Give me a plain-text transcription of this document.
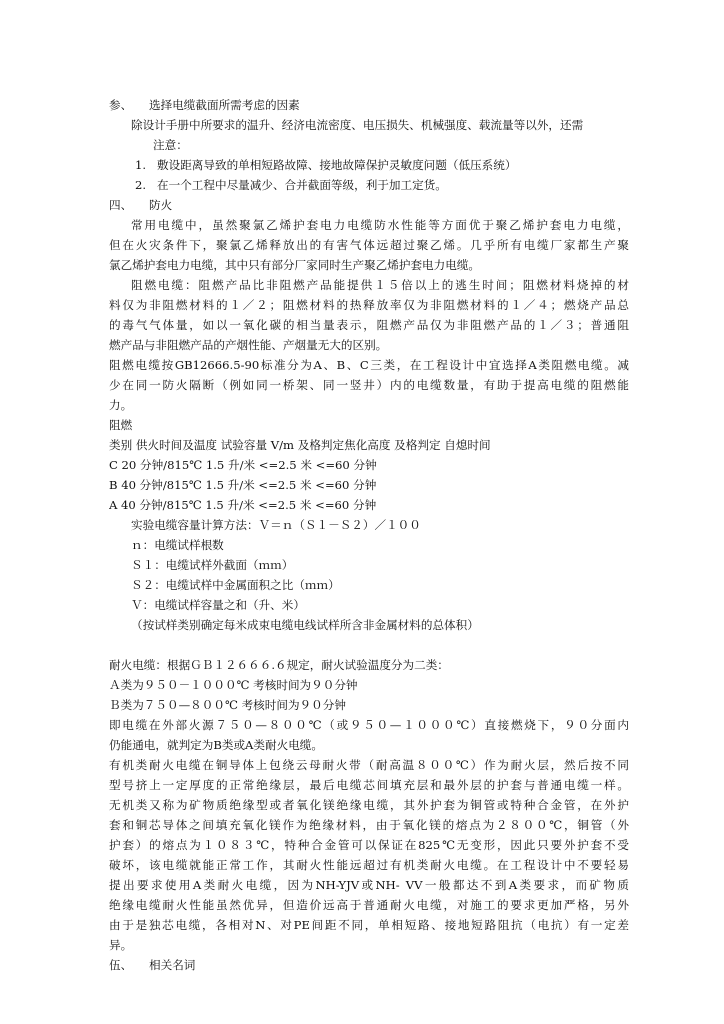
参、 选择电缆截面所需考虑的因素
除设计手册中所要求的温升、经济电流密度、电压损失、机械强度、载流量等以外，还需
注意：
1. 敷设距离导致的单相短路故障、接地故障保护灵敏度问题（低压系统）
2. 在一个工程中尽量减少、合并截面等级，利于加工定货。
四、 防火
常用电缆中，虽然聚氯乙烯护套电力电缆防水性能等方面优于聚乙烯护套电力电缆，
但在火灾条件下，聚氯乙烯释放出的有害气体远超过聚乙烯。几乎所有电缆厂家都生产聚
氯乙烯护套电力电缆，其中只有部分厂家同时生产聚乙烯护套电力电缆。
阻燃电缆：阻燃产品比非阻燃产品能提供１５倍以上的逃生时间；阻燃材料烧掉的材
料仅为非阻燃材料的１／２；阻燃材料的热释放率仅为非阻燃材料的１／４；燃烧产品总
的毒气气体量，如以一氧化碳的相当量表示，阻燃产品仅为非阻燃产品的１／３；普通阻
燃产品与非阻燃产品的产烟性能、产烟量无大的区别。
阻燃电缆按GB12666.5-90标准分为A、B、C三类，在工程设计中宜选择A类阻燃电缆。减
少在同一防火隔断（例如同一桥架、同一竖井）内的电缆数量，有助于提高电缆的阻燃能
力。
阻燃
类别 供火时间及温度 试验容量 V/m 及格判定焦化高度 及格判定 自熄时间
C 20 分钟/815℃ 1.5 升/米 <=2.5 米 <=60 分钟
B 40 分钟/815℃ 1.5 升/米 <=2.5 米 <=60 分钟
A 40 分钟/815℃ 1.5 升/米 <=2.5 米 <=60 分钟
实验电缆容量计算方法：Ｖ＝ｎ（Ｓ１－Ｓ２）／１００
ｎ：电缆试样根数
Ｓ１：电缆试样外截面（ｍｍ）
Ｓ２：电缆试样中金属面积之比（ｍｍ）
Ｖ：电缆试样容量之和（升、米）
（按试样类别确定每米成束电缆电线试样所含非金属材料的总体积）
耐火电缆：根据ＧＢ１２６６６.６规定，耐火试验温度分为二类：
Ａ类为９５０－１０００℃ 考核时间为９０分钟
Ｂ类为７５０—８００℃ 考核时间为９０分钟
即电缆在外部火源７５０—８００℃（或９５０—１０００℃）直接燃烧下，９０分面内
仍能通电，就判定为B类或A类耐火电缆。
有机类耐火电缆在铜导体上包绕云母耐火带（耐高温８００℃）作为耐火层，然后按不同
型号挤上一定厚度的正常绝缘层，最后电缆芯间填充层和最外层的护套与普通电缆一样。
无机类又称为矿物质绝缘型或者氧化镁绝缘电缆，其外护套为铜管或特种合金管，在外护
套和铜芯导体之间填充氧化镁作为绝缘材料，由于氧化镁的熔点为２８００℃，铜管（外
护套）的熔点为１０８３℃，特种合金管可以保证在825℃无变形，因此只要外护套不受
破坏，该电缆就能正常工作，其耐火性能远超过有机类耐火电缆。在工程设计中不要轻易
提出要求使用A类耐火电缆，因为NH-YJV或NH- VV一般都达不到A类要求，而矿物质
绝缘电缆耐火性能虽然优异，但造价远高于普通耐火电缆，对施工的要求更加严格，另外
由于是独芯电缆，各相对N、对PE间距不同，单相短路、接地短路阻抗（电抗）有一定差
异。
伍、 相关名词
